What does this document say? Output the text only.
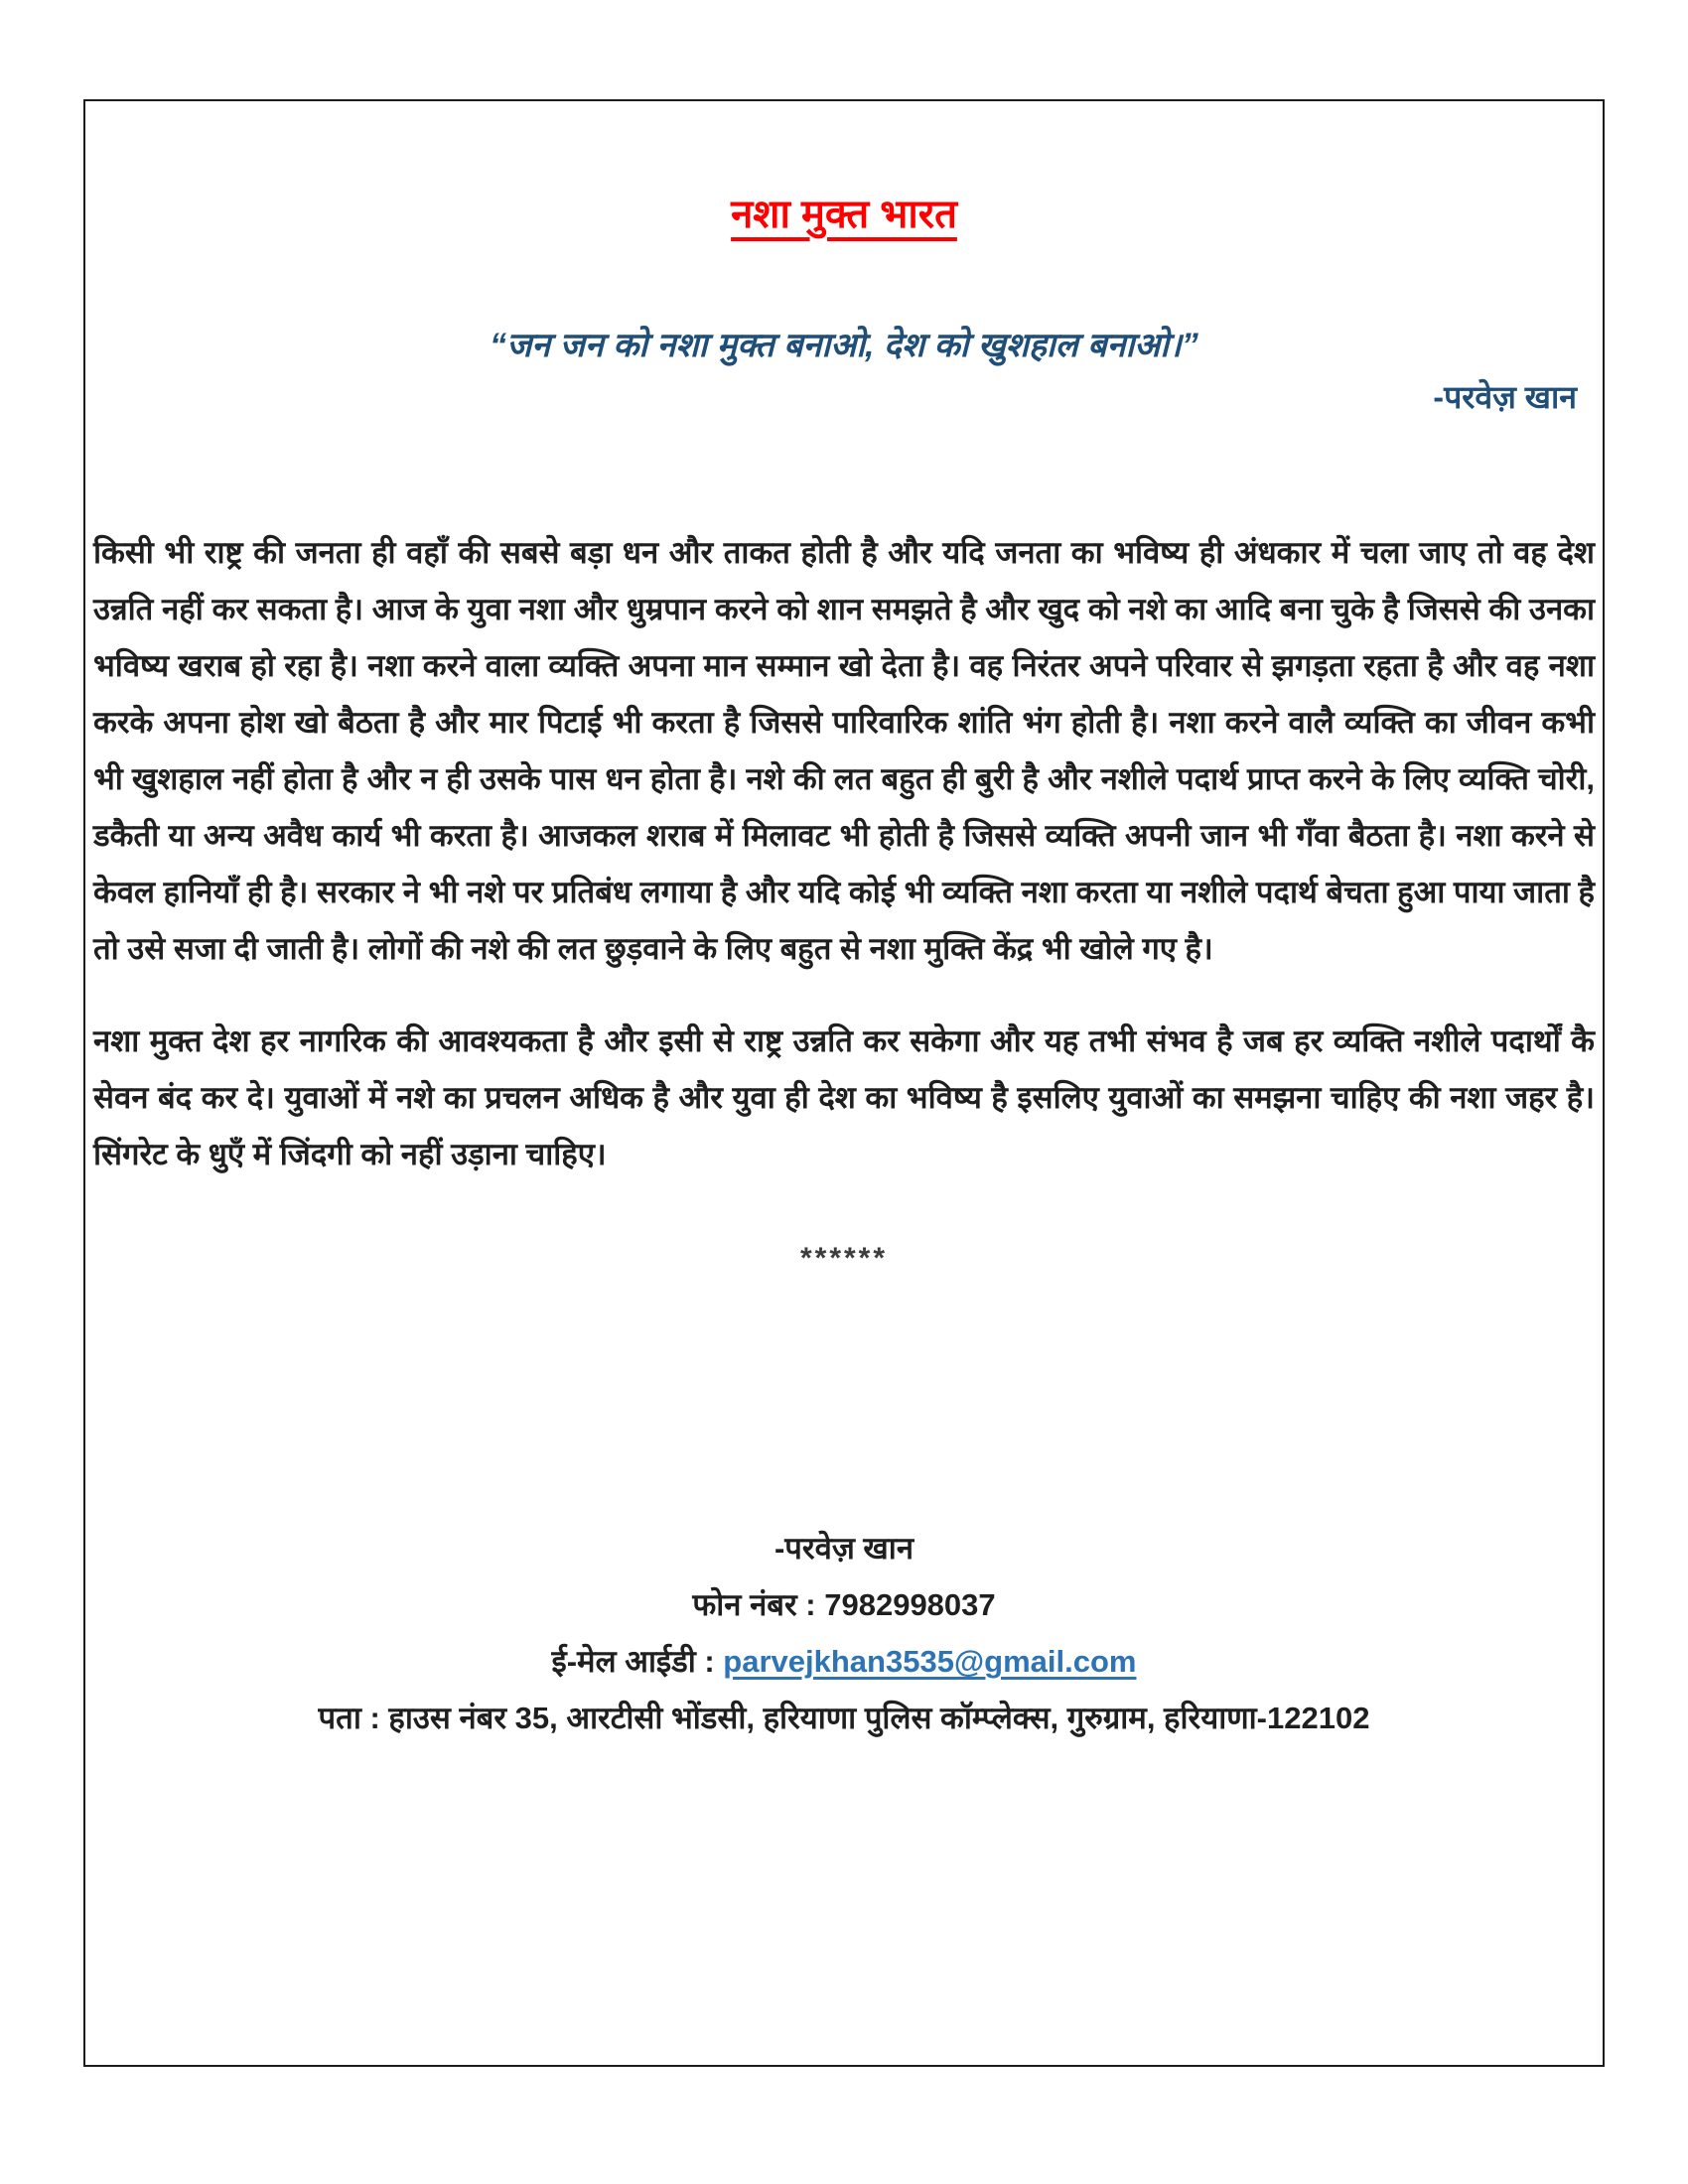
नशा मुक्त भारत
“जन जन को नशा मुक्त बनाओ, देश को खुशहाल बनाओ।”
-परवेज़ खान

किसी भी राष्ट्र की जनता ही वहाँ की सबसे बड़ा धन और ताकत होती है और यदि जनता का भविष्य ही अंधकार में चला जाए तो वह देश उन्नति नहीं कर सकता है। आज के युवा नशा और धुम्रपान करने को शान समझते है और खुद को नशे का आदि बना चुके है जिससे की उनका भविष्य खराब हो रहा है। नशा करने वाला व्यक्ति अपना मान सम्मान खो देता है। वह निरंतर अपने परिवार से झगड़ता रहता है और वह नशा करके अपना होश खो बैठता है और मार पिटाई भी करता है जिससे पारिवारिक शांति भंग होती है। नशा करने वालै व्यक्ति का जीवन कभी भी खुशहाल नहीं होता है और न ही उसके पास धन होता है। नशे की लत बहुत ही बुरी है और नशीले पदार्थ प्राप्त करने के लिए व्यक्ति चोरी, डकैती या अन्य अवैध कार्य भी करता है। आजकल शराब में मिलावट भी होती है जिससे व्यक्ति अपनी जान भी गँवा बैठता है। नशा करने से केवल हानियाँ ही है। सरकार ने भी नशे पर प्रतिबंध लगाया है और यदि कोई भी व्यक्ति नशा करता या नशीले पदार्थ बेचता हुआ पाया जाता है तो उसे सजा दी जाती है। लोगों की नशे की लत छुड़वाने के लिए बहुत से नशा मुक्ति केंद्र भी खोले गए है।

नशा मुक्त देश हर नागरिक की आवश्यकता है और इसी से राष्ट्र उन्नति कर सकेगा और यह तभी संभव है जब हर व्यक्ति नशीले पदार्थों कै सेवन बंद कर दे। युवाओं में नशे का प्रचलन अधिक है और युवा ही देश का भविष्य है इसलिए युवाओं का समझना चाहिए की नशा जहर है। सिंगरेट के धुएँ में जिंदगी को नहीं उड़ाना चाहिए।

******
-परवेज़ खान
फोन नंबर : 7982998037
ई-मेल आईडी : parvejkhan3535@gmail.com
पता : हाउस नंबर 35, आरटीसी भोंडसी, हरियाणा पुलिस कॉम्प्लेक्स, गुरुग्राम, हरियाणा-122102
